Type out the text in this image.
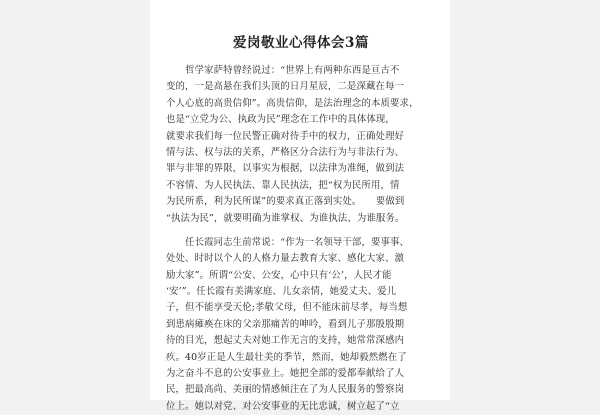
爱岗敬业心得体会3篇
　　哲学家萨特曾经说过：“世界上有两种东西是亘古不
变的，一是高悬在我们头顶的日月星辰，二是深藏在每一
个人心底的高贵信仰”。高贵信仰，是法治理念的本质要求，
也是“立党为公、执政为民”理念在工作中的具体体现，
就要求我们每一位民警正确对待手中的权力，正确处理好
情与法、权与法的关系，严格区分合法行为与非法行为、
罪与非罪的界限，以事实为根据，以法律为准绳，做到法
不容情、为人民执法、靠人民执法，把“权为民所用，情
为民所系，利为民所谋”的要求真正落到实处。　　要做到
“执法为民”，就要明确为谁掌权、为谁执法、为谁服务。
　　任长霞同志生前常说：“作为一名领导干部，要事事、
处处、时时以个人的人格力量去教育大家、感化大家、激
励大家”。所谓“公安、公安，心中只有‘公’，人民才能
‘安’”。任长霞有美满家庭、儿女亲情，她爱丈夫、爱儿
子，但不能享受天伦;孝敬父母，但不能床前尽孝，每当想
到患病瘫痪在床的父亲那痛苦的呻吟，看到儿子那殷殷期
待的目光，想起丈夫对她工作无言的支持，她常常深感内
疚。40岁正是人生最壮美的季节，然而，她却毅然燃在了
为之奋斗不息的公安事业上。她把全部的爱都奉献给了人
民，把最高尚、美丽的情感倾注在了为人民服务的警察岗
位上。她以对党、对公安事业的无比忠诚，树立起了“立
